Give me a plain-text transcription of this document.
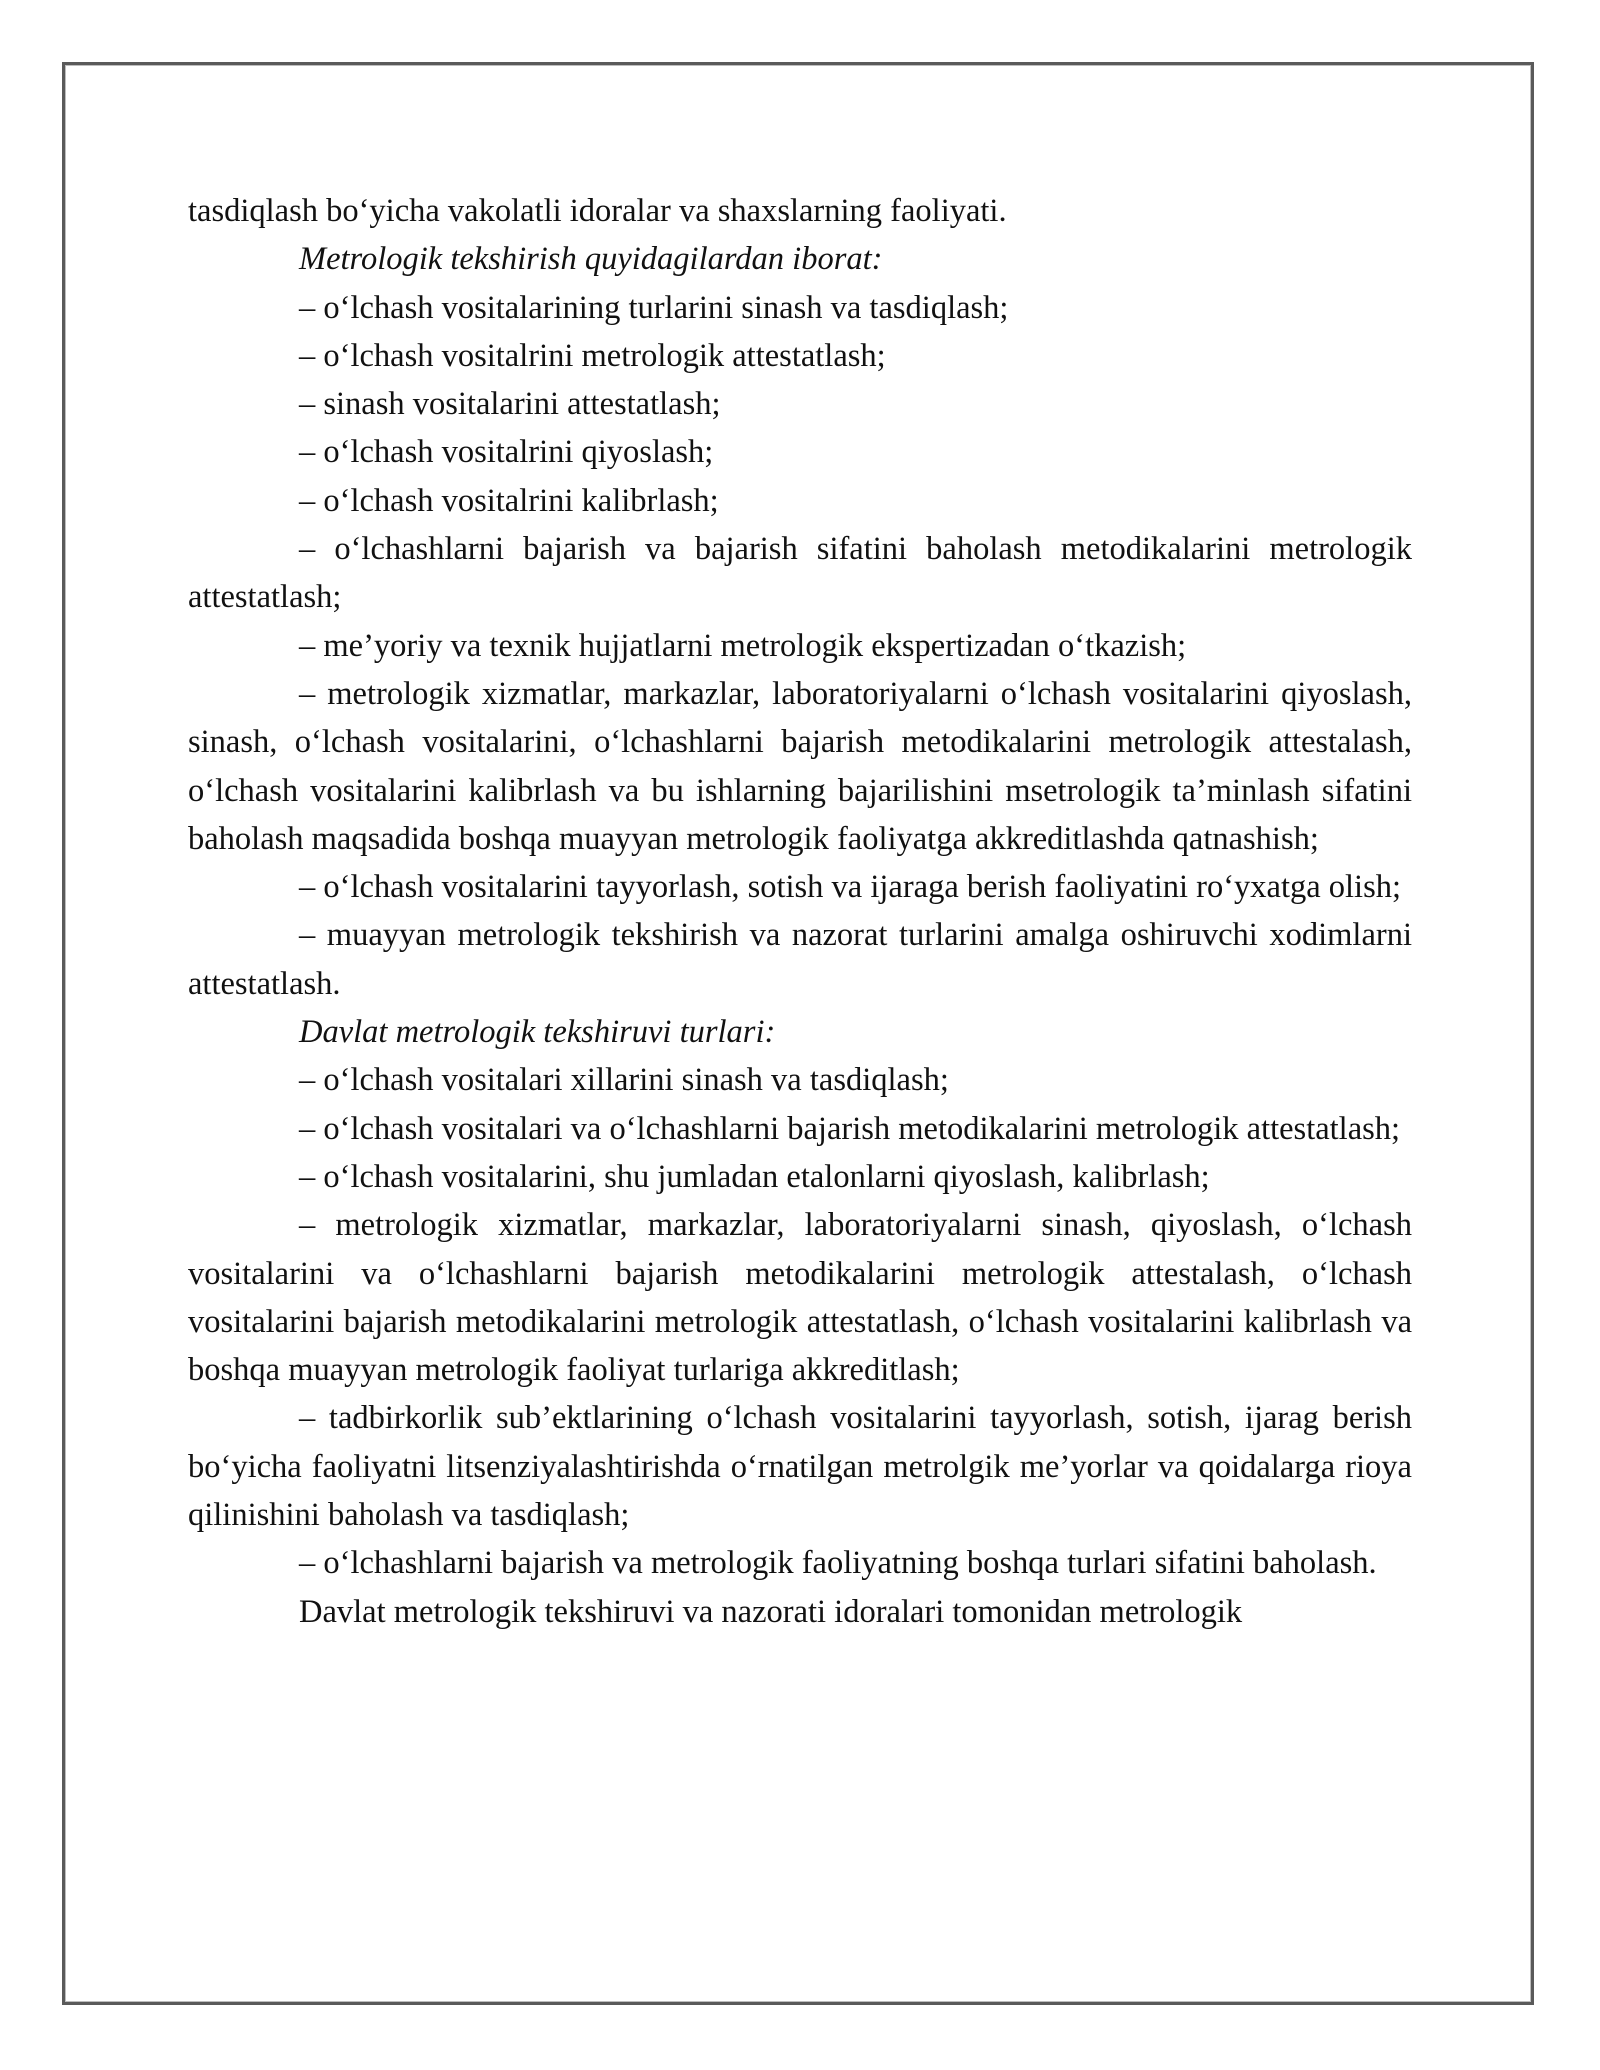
tasdiqlash bo‘yicha vakolatli idoralar va shaxslarning faoliyati.

Metrologik tekshirish quyidagilardan iborat:

– o‘lchash vositalarining turlarini sinash va tasdiqlash;

– o‘lchash vositalrini metrologik attestatlash;

– sinash vositalarini attestatlash;

– o‘lchash vositalrini qiyoslash;

– o‘lchash vositalrini kalibrlash;

– o‘lchashlarni bajarish va bajarish sifatini baholash metodikalarini metrologik attestatlash;

– me’yoriy va texnik hujjatlarni metrologik ekspertizadan o‘tkazish;

– metrologik xizmatlar, markazlar, laboratoriyalarni o‘lchash vositalarini qiyoslash, sinash, o‘lchash vositalarini, o‘lchashlarni bajarish metodikalarini metrologik attestalash, o‘lchash vositalarini kalibrlash va bu ishlarning bajarilishini msetrologik ta’minlash sifatini baholash maqsadida boshqa muayyan metrologik faoliyatga akkreditlashda qatnashish;

– o‘lchash vositalarini tayyorlash, sotish va ijaraga berish faoliyatini ro‘yxatga olish;

– muayyan metrologik tekshirish va nazorat turlarini amalga oshiruvchi xodimlarni attestatlash.

Davlat metrologik tekshiruvi turlari:

– o‘lchash vositalari xillarini sinash va tasdiqlash;

– o‘lchash vositalari va o‘lchashlarni bajarish metodikalarini metrologik attestatlash;

– o‘lchash vositalarini, shu jumladan etalonlarni qiyoslash, kalibrlash;

– metrologik xizmatlar, markazlar, laboratoriyalarni sinash, qiyoslash, o‘lchash vositalarini va o‘lchashlarni bajarish metodikalarini metrologik attestalash, o‘lchash vositalarini bajarish metodikalarini metrologik attestatlash, o‘lchash vositalarini kalibrlash va boshqa muayyan metrologik faoliyat turlariga akkreditlash;

– tadbirkorlik sub’ektlarining o‘lchash vositalarini tayyorlash, sotish, ijarag berish bo‘yicha faoliyatni litsenziyalashtirishda o‘rnatilgan metrolgik me’yorlar va qoidalarga rioya qilinishini baholash va tasdiqlash;

– o‘lchashlarni bajarish va metrologik faoliyatning boshqa turlari sifatini baholash.

Davlat metrologik tekshiruvi va nazorati idoralari tomonidan metrologik
